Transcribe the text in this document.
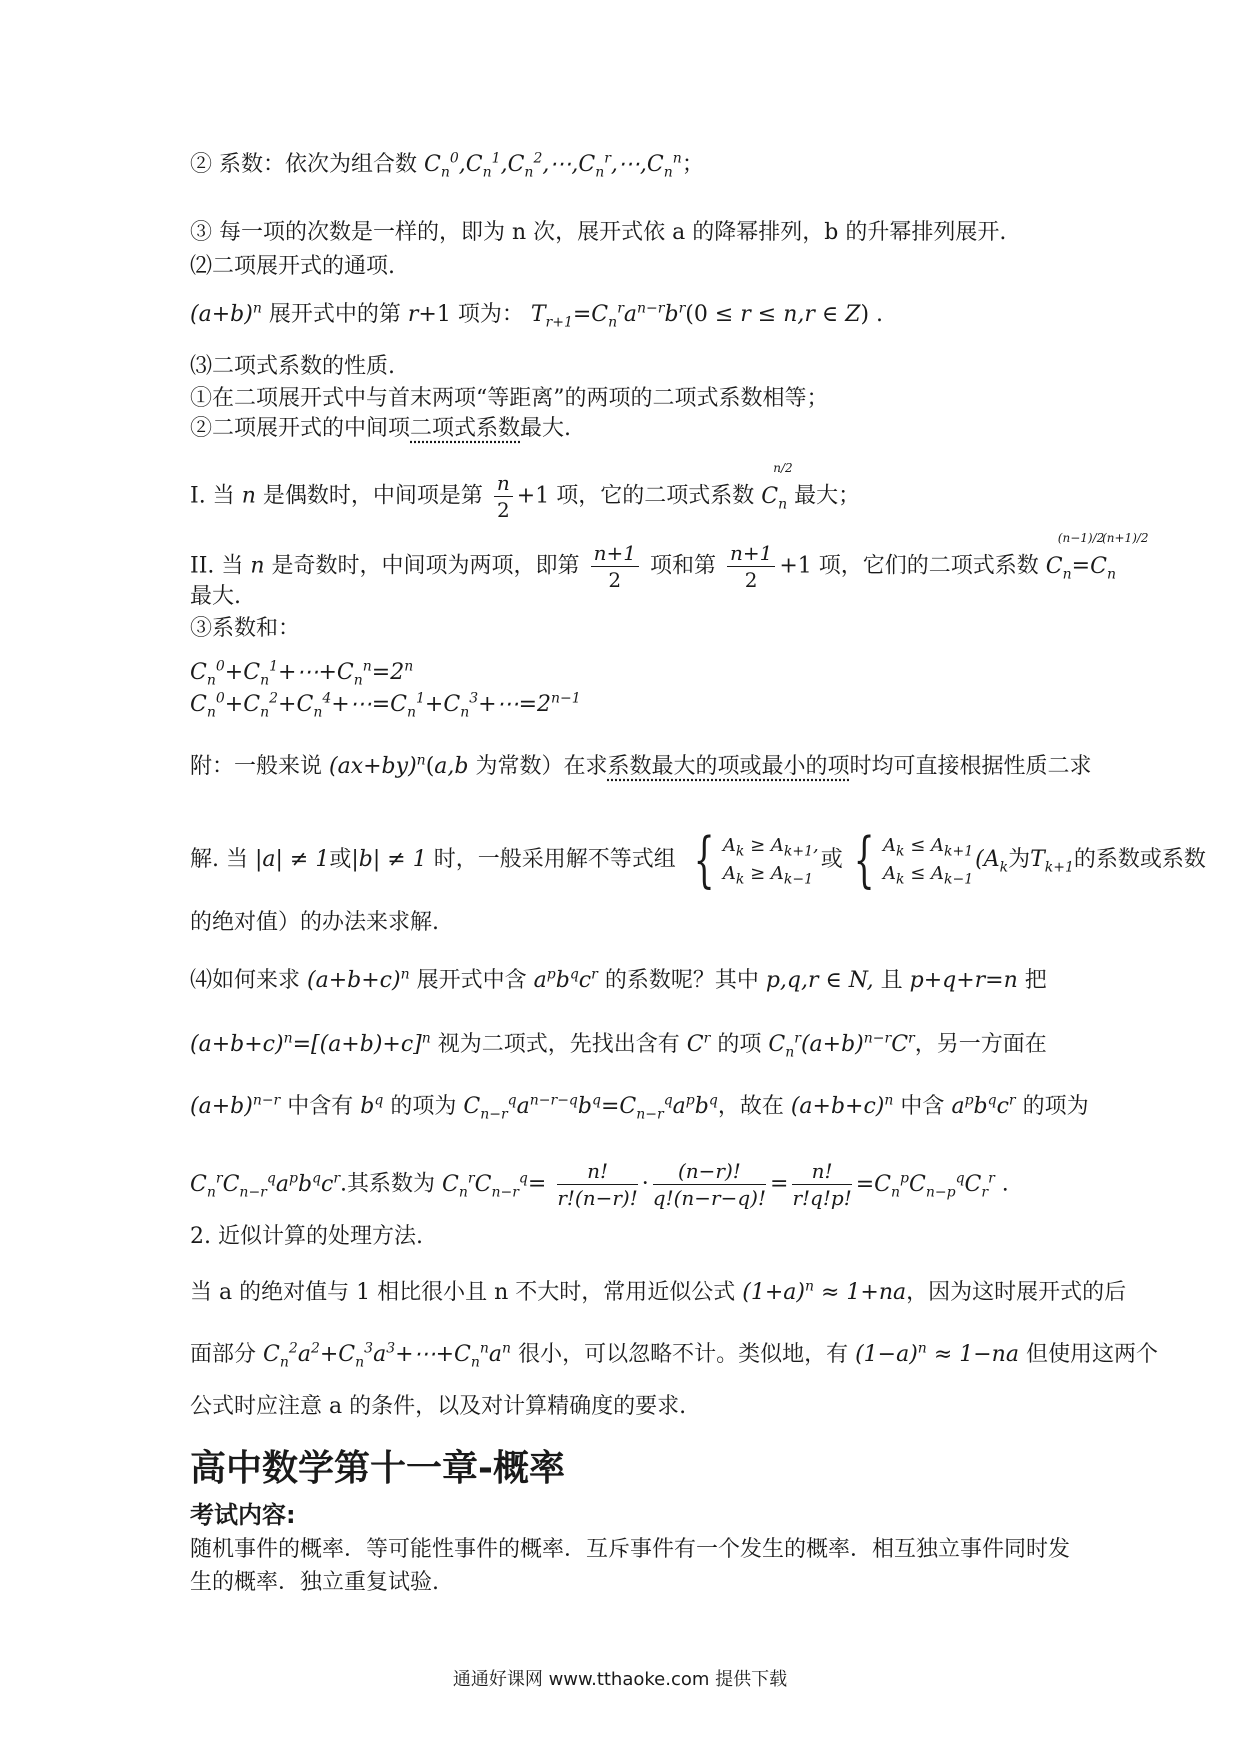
② 系数：依次为组合数 $C_n^0,C_n^1,C_n^2,\cdots,C_n^r,\cdots,C_n^n$；
③ 每一项的次数是一样的，即为 n 次，展开式依 a 的降幂排列，b 的升幂排列展开.
⑵二项展开式的通项.
$(a+b)^n$ 展开式中的第 r+1 项为： $T_{r+1}=C_n^ra^{n-r}b^r(0 \le r \le n,r$ ∈ Z) .
⑶二项式系数的性质.
①在二项展开式中与首末两项“等距离”的两项的二项式系数相等；
②二项展开式的中间项二项式系数最大.
I. 当 n 是偶数时，中间项是第 $\frac{n}{2} +1$ 项，它的二项式系数 C
n/2
$_n$ 最大；
II. 当 n 是奇数时，中间项为两项，即第 $\frac{n+1}{2}$ 项和第 $\frac{n+1}{2} +1$ 项，它们的二项式系数 C
(n−1)/2
$_n$=C
(n+1)/2
$_n$
最大.
③系数和：
$C_n^0+C_n^1+\cdots+C_n^n=2^n$
$C_n^0+C_n^2+C_n^4+\cdots=C_n^1+C_n^3+\cdots=2^{n-1}$
附：一般来说 $(ax+by)^n(a,b$ 为常数）在求系数最大的项或最小的项时均可直接根据性质二求
解. 当 |a| ≠ 1或|b| ≠ 1 时，一般采用解不等式组 { $A_k \ge A_{k+1}$,
$A_k \ge A_{k-1}$
或 { $A_k \le A_{k+1}$
$A_k \le A_{k-1}$
($A_k$为$T_{k+1}$的系数或系数
的绝对值）的办法来求解.
⑷如何来求 $(a+b+c)^n$ 展开式中含 $a^pb^qc^r$ 的系数呢？其中 p,q,r ∈ N, 且 p+q+r=n 把
$(a+b+c)^n=[(a+b)+c]^n$ 视为二项式，先找出含有 $C^r$ 的项 $C_n^r(a+b)^{n-r}C^r$，另一方面在
$(a+b)^{n-r}$ 中含有 $b^q$ 的项为 $C_{n-r}^qa^{n-r-q}b^q=C_{n-r}^qa^pb^q$，故在 $(a+b+c)^n$ 中含 $a^pb^qc^r$ 的项为
$C_n^rC_{n-r}^qa^pb^qc^r$.其系数为 $C_n^rC_{n-r}^q= \frac{n!}{r!(n-r)!} \cdot \frac{(n-r)!}{q!(n-r-q)!} = \frac{n!}{r!q!p!} =C_n^pC_{n-p}^qC_r^r$ .
2. 近似计算的处理方法.
当 a 的绝对值与 1 相比很小且 n 不大时，常用近似公式 $(1+a)^n \approx 1+na$，因为这时展开式的后
面部分 $C_n^2a^2+C_n^3a^3+\cdots+C_n^na^n$ 很小，可以忽略不计。类似地，有 $(1-a)^n \approx 1-na$ 但使用这两个
公式时应注意 a 的条件，以及对计算精确度的要求.
高中数学第十一章-概率
考试内容:
随机事件的概率．等可能性事件的概率．互斥事件有一个发生的概率．相互独立事件同时发
生的概率．独立重复试验.
通通好课网 www.tthaoke.com 提供下载
